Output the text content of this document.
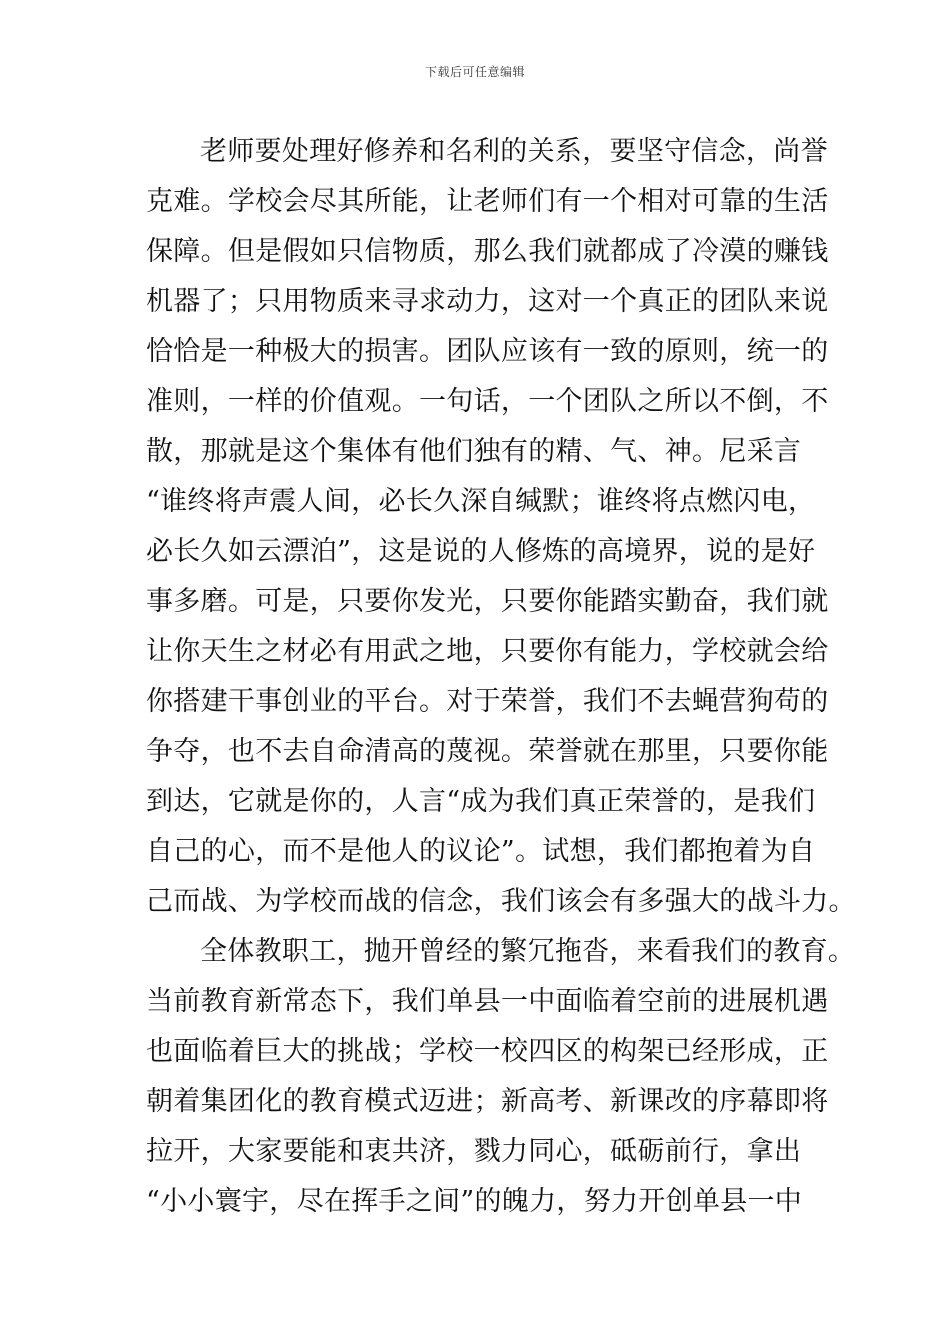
下载后可任意编辑
老师要处理好修养和名利的关系，要坚守信念，尚誉
克难。学校会尽其所能，让老师们有一个相对可靠的生活
保障。但是假如只信物质，那么我们就都成了冷漠的赚钱
机器了；只用物质来寻求动力，这对一个真正的团队来说
恰恰是一种极大的损害。团队应该有一致的原则，统一的
准则，一样的价值观。一句话，一个团队之所以不倒，不
散，那就是这个集体有他们独有的精、气、神。尼采言
“谁终将声震人间，必长久深自缄默；谁终将点燃闪电，
必长久如云漂泊”，这是说的人修炼的高境界，说的是好
事多磨。可是，只要你发光，只要你能踏实勤奋，我们就
让你天生之材必有用武之地，只要你有能力，学校就会给
你搭建干事创业的平台。对于荣誉，我们不去蝇营狗苟的
争夺，也不去自命清高的蔑视。荣誉就在那里，只要你能
到达，它就是你的，人言“成为我们真正荣誉的，是我们
自己的心，而不是他人的议论”。试想，我们都抱着为自
己而战、为学校而战的信念，我们该会有多强大的战斗力。
全体教职工，抛开曾经的繁冗拖沓，来看我们的教育。
当前教育新常态下，我们单县一中面临着空前的进展机遇
也面临着巨大的挑战；学校一校四区的构架已经形成，正
朝着集团化的教育模式迈进；新高考、新课改的序幕即将
拉开，大家要能和衷共济，戮力同心，砥砺前行，拿出
“小小寰宇，尽在挥手之间”的魄力，努力开创单县一中
